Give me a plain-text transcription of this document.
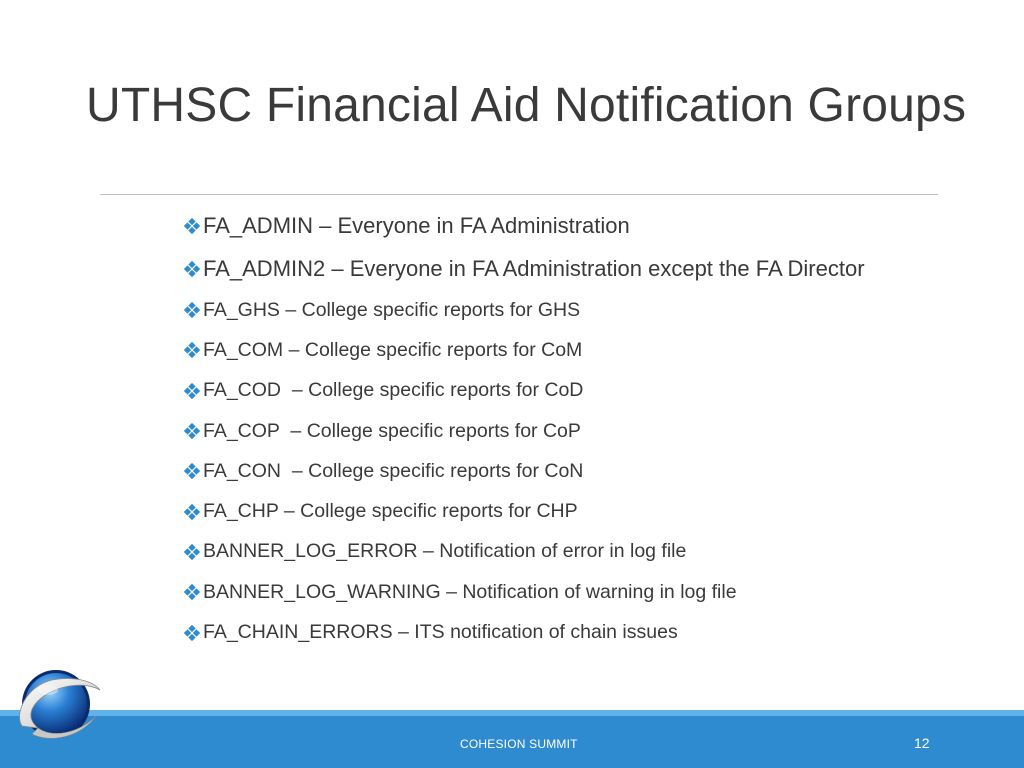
UTHSC Financial Aid Notification Groups
FA_ADMIN – Everyone in FA Administration
FA_ADMIN2 – Everyone in FA Administration except the FA Director
FA_GHS – College specific reports for GHS
FA_COM – College specific reports for CoM
FA_COD  – College specific reports for CoD
FA_COP  – College specific reports for CoP
FA_CON  – College specific reports for CoN
FA_CHP – College specific reports for CHP
BANNER_LOG_ERROR – Notification of error in log file
BANNER_LOG_WARNING – Notification of warning in log file
FA_CHAIN_ERRORS – ITS notification of chain issues
COHESION SUMMIT	12
